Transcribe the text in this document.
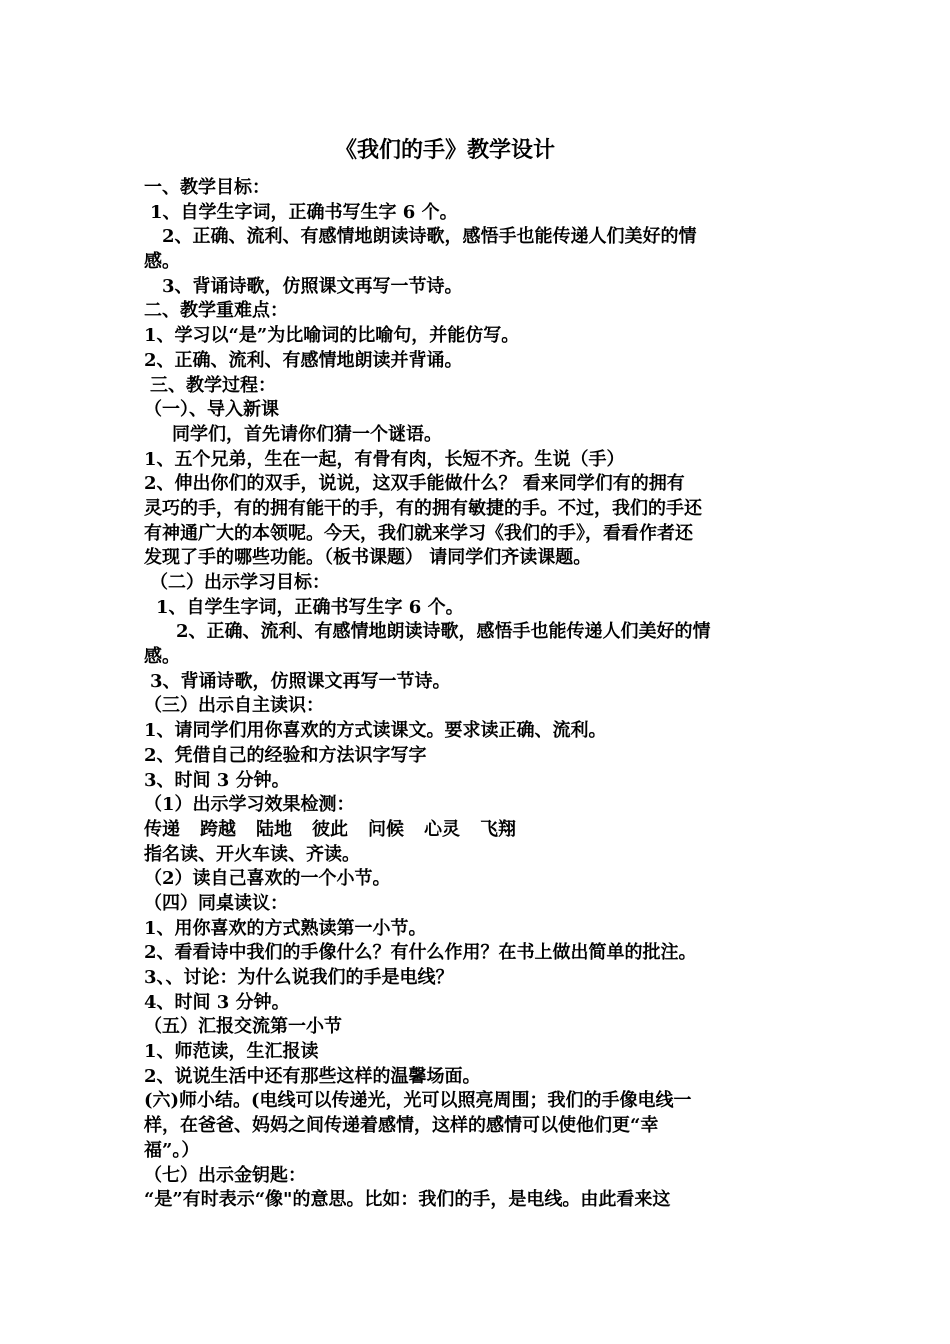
《我们的手》教学设计
一、教学目标：
1、自学生字词，正确书写生字 6 个。
2、正确、流利、有感情地朗读诗歌，感悟手也能传递人们美好的情
感。
3、背诵诗歌，仿照课文再写一节诗。
二、教学重难点：
1、学习以“是”为比喻词的比喻句，并能仿写。
2、正确、流利、有感情地朗读并背诵。
三、教学过程：
（一）、导入新课
同学们，首先请你们猜一个谜语。
1、五个兄弟，生在一起，有骨有肉，长短不齐。生说（手）
2、伸出你们的双手，说说，这双手能做什么？ 看来同学们有的拥有
灵巧的手，有的拥有能干的手，有的拥有敏捷的手。不过，我们的手还
有神通广大的本领呢。今天，我们就来学习《我们的手》，看看作者还
发现了手的哪些功能。（板书课题） 请同学们齐读课题。
（二）出示学习目标：
1、自学生字词，正确书写生字 6 个。
2、正确、流利、有感情地朗读诗歌，感悟手也能传递人们美好的情
感。
3、背诵诗歌，仿照课文再写一节诗。
（三）出示自主读识：
1、请同学们用你喜欢的方式读课文。要求读正确、流利。
2、凭借自己的经验和方法识字写字
3、时间 3 分钟。
（1）出示学习效果检测：
传递 跨越 陆地 彼此 问候 心灵 飞翔
指名读、开火车读、齐读。
（2）读自己喜欢的一个小节。
（四）同桌读议：
1、用你喜欢的方式熟读第一小节。
2、看看诗中我们的手像什么？有什么作用？在书上做出简单的批注。
3、、讨论：为什么说我们的手是电线？
4、时间 3 分钟。
（五）汇报交流第一小节
1、师范读，生汇报读
2、说说生活中还有那些这样的温馨场面。
(六)师小结。(电线可以传递光，光可以照亮周围；我们的手像电线一
样，在爸爸、妈妈之间传递着感情，这样的感情可以使他们更“幸
福”。）
（七）出示金钥匙：
“是”有时表示“像"的意思。比如：我们的手，是电线。由此看来这
